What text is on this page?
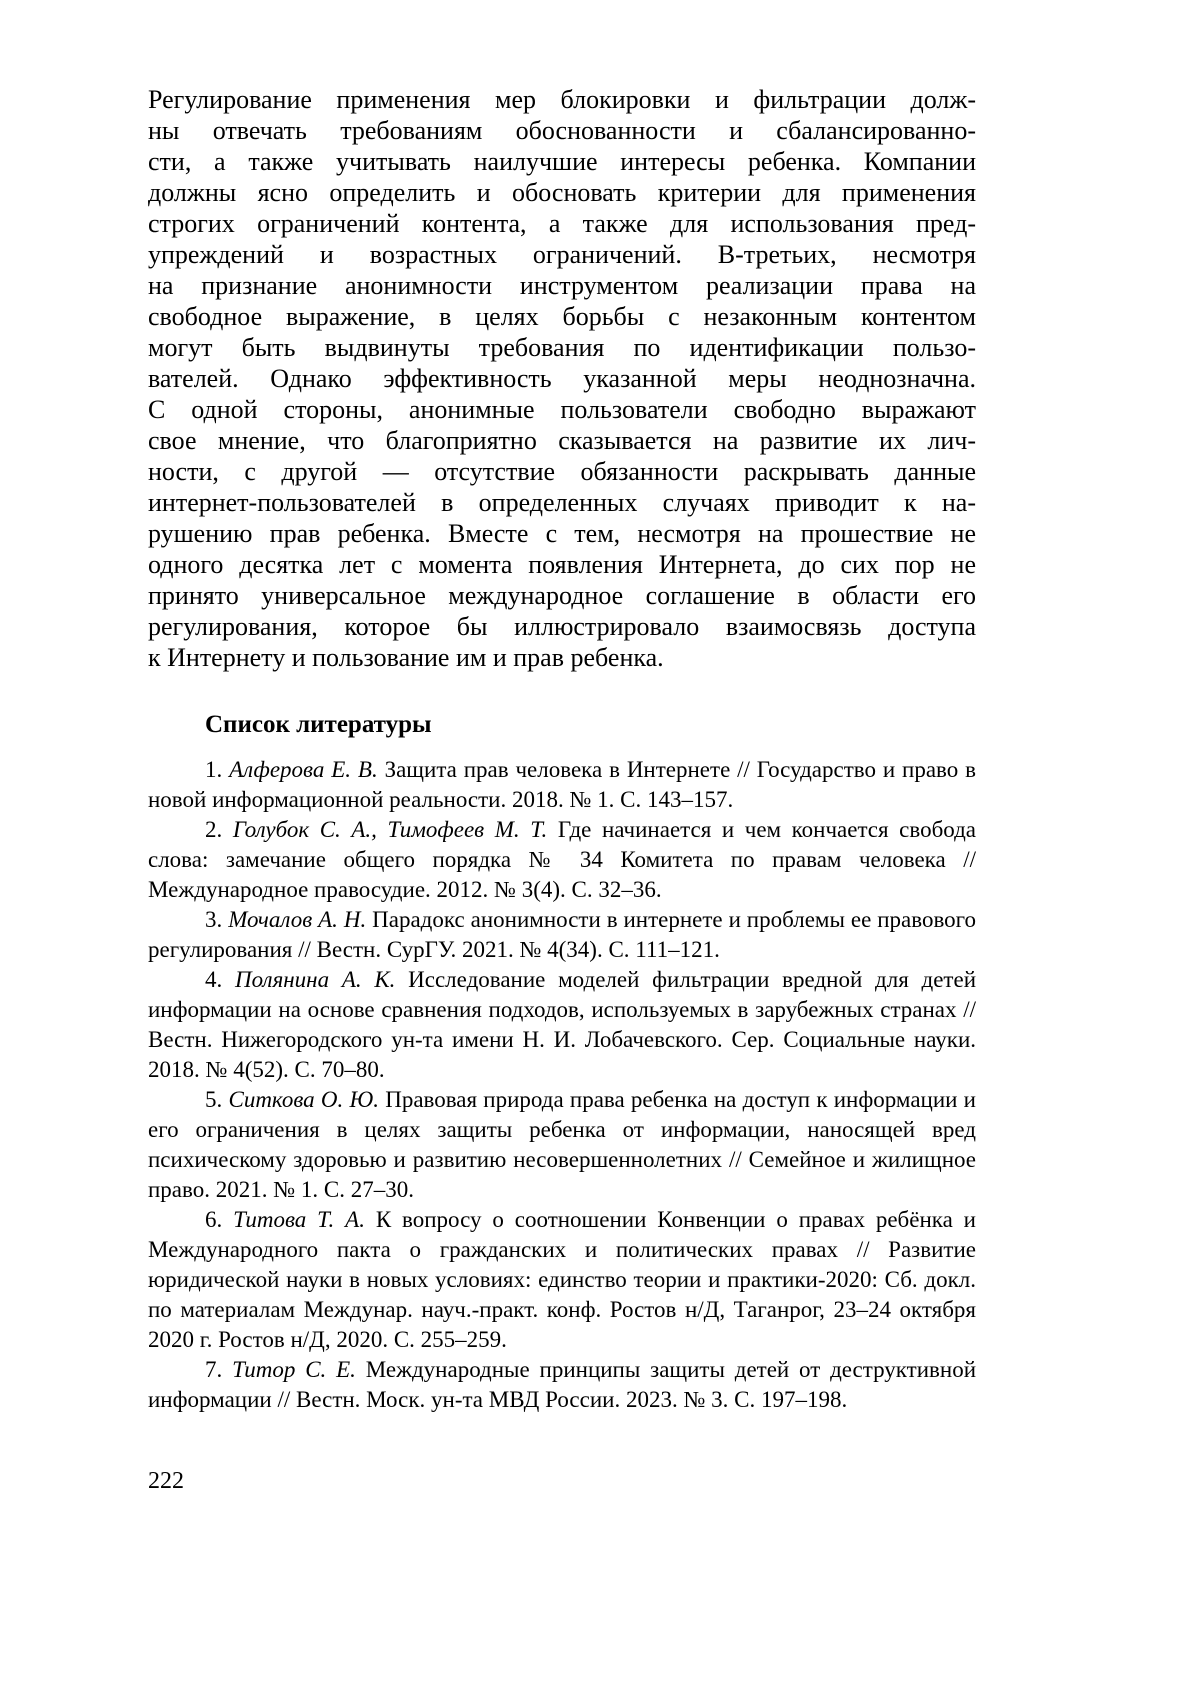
Регулирование применения мер блокировки и фильтрации долж-
ны отвечать требованиям обоснованности и сбалансированно-
сти, а также учитывать наилучшие интересы ребенка. Компании
должны ясно определить и обосновать критерии для применения
строгих ограничений контента, а также для использования пред-
упреждений и возрастных ограничений. В-третьих, несмотря
на признание анонимности инструментом реализации права на
свободное выражение, в целях борьбы с незаконным контентом
могут быть выдвинуты требования по идентификации пользо-
вателей. Однако эффективность указанной меры неоднозначна.
С одной стороны, анонимные пользователи свободно выражают
свое мнение, что благоприятно сказывается на развитие их лич-
ности, с другой — отсутствие обязанности раскрывать данные
интернет-пользователей в определенных случаях приводит к на-
рушению прав ребенка. Вместе с тем, несмотря на прошествие не
одного десятка лет с момента появления Интернета, до сих пор не
принято универсальное международное соглашение в области его
регулирования, которое бы иллюстрировало взаимосвязь доступа
к Интернету и пользование им и прав ребенка.
Список литературы

1. Алферова Е. В. Защита прав человека в Интернете // Государство и право в новой информационной реальности. 2018. № 1. С. 143–157.

2. Голубок С. А., Тимофеев М. Т. Где начинается и чем кончается свобода слова: замечание общего порядка № 34 Комитета по правам человека // Международное правосудие. 2012. № 3(4). С. 32–36.

3. Мочалов А. Н. Парадокс анонимности в интернете и проблемы ее правового регулирования // Вестн. СурГУ. 2021. № 4(34). С. 111–121.

4. Полянина А. К. Исследование моделей фильтрации вредной для детей информации на основе сравнения подходов, используемых в зарубежных странах // Вестн. Нижегородского ун-та имени Н. И. Лобачевского. Сер. Социальные науки. 2018. № 4(52). С. 70–80.

5. Ситкова О. Ю. Правовая природа права ребенка на доступ к информации и его ограничения в целях защиты ребенка от информации, наносящей вред психическому здоровью и развитию несовершеннолетних // Семейное и жилищное право. 2021. № 1. С. 27–30.

6. Титова Т. А. К вопросу о соотношении Конвенции о правах ребёнка и Международного пакта о гражданских и политических правах // Развитие юридической науки в новых условиях: единство теории и практики-2020: Сб. докл. по материалам Междунар. науч.-практ. конф. Ростов н/Д, Таганрог, 23–24 октября 2020 г. Ростов н/Д, 2020. С. 255–259.

7. Титор С. Е. Международные принципы защиты детей от деструктивной информации // Вестн. Моск. ун-та МВД России. 2023. № 3. С. 197–198.

222
